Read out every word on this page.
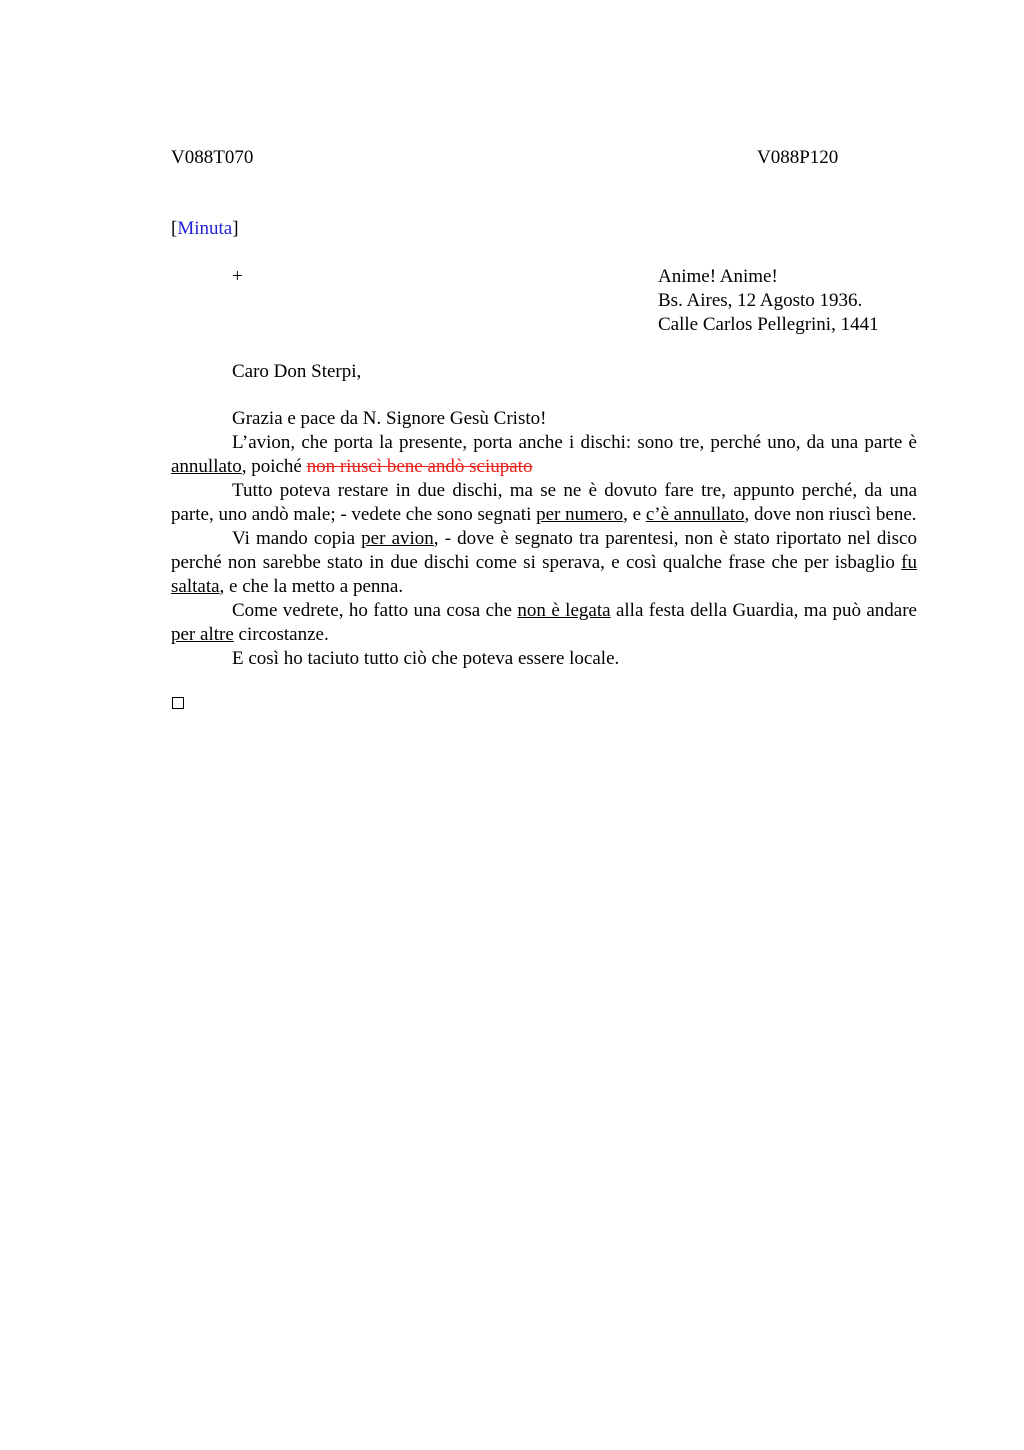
V088T070	V088P120
[Minuta]
+	Anime! Anime!
Bs. Aires, 12 Agosto 1936.
Calle Carlos Pellegrini, 1441
Caro Don Sterpi,

Grazia e pace da N. Signore Gesù Cristo!

L’avion, che porta la presente, porta anche i dischi: sono tre, perché uno, da una parte è annullato, poiché non riuscì bene andò sciupato

Tutto poteva restare in due dischi, ma se ne è dovuto fare tre, appunto perché, da una parte, uno andò male; - vedete che sono segnati per numero, e c’è annullato, dove non riuscì bene.

Vi mando copia per avion, - dove è segnato tra parentesi, non è stato riportato nel disco perché non sarebbe stato in due dischi come si sperava, e così qualche frase che per isbaglio fu saltata, e che la metto a penna.

Come vedrete, ho fatto una cosa che non è legata alla festa della Guardia, ma può andare per altre circostanze.

E così ho taciuto tutto ciò che poteva essere locale.
